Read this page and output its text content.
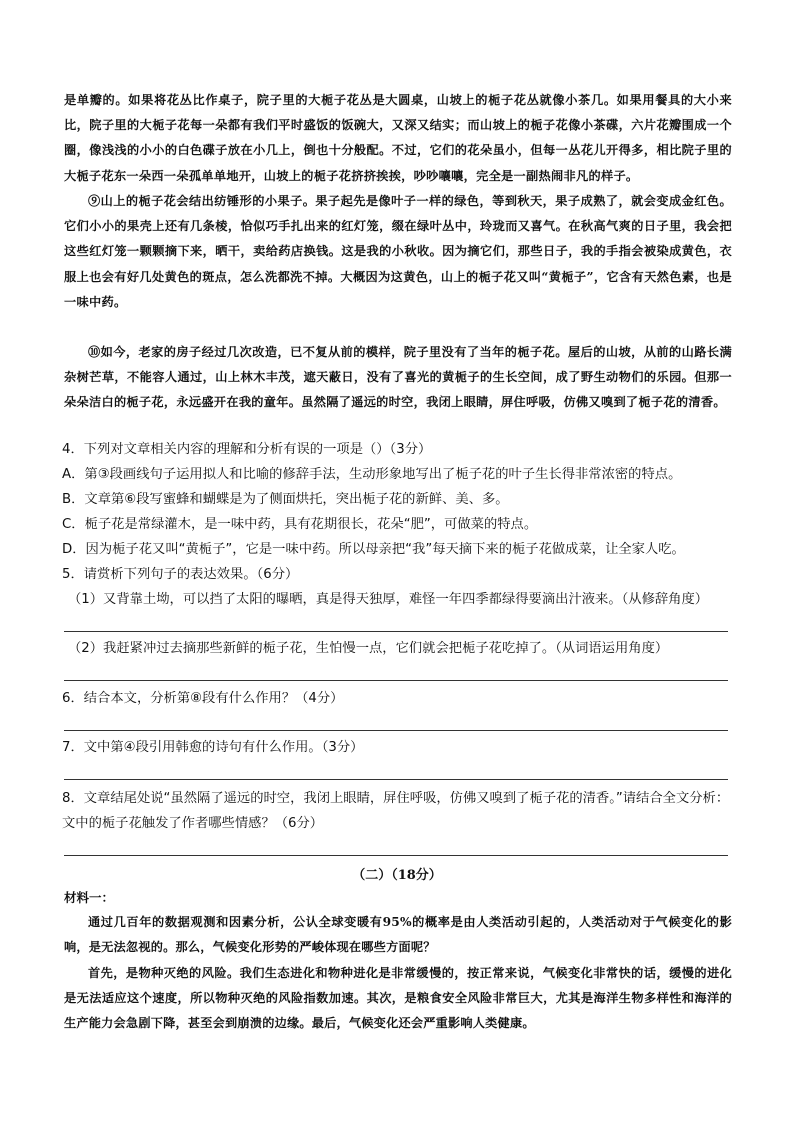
是单瓣的。如果将花丛比作桌子，院子里的大栀子花丛是大圆桌，山坡上的栀子花丛就像小茶几。如果用餐具的大小来比，院子里的大栀子花每一朵都有我们平时盛饭的饭碗大，又深又结实；而山坡上的栀子花像小茶碟，六片花瓣围成一个圈，像浅浅的小小的白色碟子放在小几上，倒也十分般配。不过，它们的花朵虽小，但每一丛花儿开得多，相比院子里的大栀子花东一朵西一朵孤单单地开，山坡上的栀子花挤挤挨挨，吵吵嚷嚷，完全是一副热闹非凡的样子。

⑨山上的栀子花会结出纺锤形的小果子。果子起先是像叶子一样的绿色，等到秋天，果子成熟了，就会变成金红色。它们小小的果壳上还有几条棱，恰似巧手扎出来的红灯笼，缀在绿叶丛中，玲珑而又喜气。在秋高气爽的日子里，我会把这些红灯笼一颗颗摘下来，晒干，卖给药店换钱。这是我的小秋收。因为摘它们，那些日子，我的手指会被染成黄色，衣服上也会有好几处黄色的斑点，怎么洗都洗不掉。大概因为这黄色，山上的栀子花又叫“黄栀子”，它含有天然色素，也是一味中药。

⑩如今，老家的房子经过几次改造，已不复从前的模样，院子里没有了当年的栀子花。屋后的山坡，从前的山路长满杂树芒草，不能容人通过，山上林木丰茂，遮天蔽日，没有了喜光的黄栀子的生长空间，成了野生动物们的乐园。但那一朵朵洁白的栀子花，永远盛开在我的童年。虽然隔了遥远的时空，我闭上眼睛，屏住呼吸，仿佛又嗅到了栀子花的清香。

4．下列对文章相关内容的理解和分析有误的一项是（）（3分）

A．第③段画线句子运用拟人和比喻的修辞手法，生动形象地写出了栀子花的叶子生长得非常浓密的特点。

B．文章第⑥段写蜜蜂和蝴蝶是为了侧面烘托，突出栀子花的新鲜、美、多。

C．栀子花是常绿灌木，是一味中药，具有花期很长，花朵“肥”，可做菜的特点。

D．因为栀子花又叫“黄栀子”，它是一味中药。所以母亲把“我”每天摘下来的栀子花做成菜，让全家人吃。

5．请赏析下列句子的表达效果。（6分）

（1）又背靠土坳，可以挡了太阳的曝晒，真是得天独厚，难怪一年四季都绿得要滴出汁液来。（从修辞角度）

（2）我赶紧冲过去摘那些新鲜的栀子花，生怕慢一点，它们就会把栀子花吃掉了。（从词语运用角度）

6．结合本文，分析第⑧段有什么作用？（4分）

7．文中第④段引用韩愈的诗句有什么作用。（3分）

8．文章结尾处说“虽然隔了遥远的时空，我闭上眼睛，屏住呼吸，仿佛又嗅到了栀子花的清香。”请结合全文分析：文中的栀子花触发了作者哪些情感？（6分）

（二）（18分）

材料一：

通过几百年的数据观测和因素分析，公认全球变暖有95%的概率是由人类活动引起的，人类活动对于气候变化的影响，是无法忽视的。那么，气候变化形势的严峻体现在哪些方面呢？

首先，是物种灭绝的风险。我们生态进化和物种进化是非常缓慢的，按正常来说，气候变化非常快的话，缓慢的进化是无法适应这个速度，所以物种灭绝的风险指数加速。其次，是粮食安全风险非常巨大，尤其是海洋生物多样性和海洋的生产能力会急剧下降，甚至会到崩溃的边缘。最后，气候变化还会严重影响人类健康。
